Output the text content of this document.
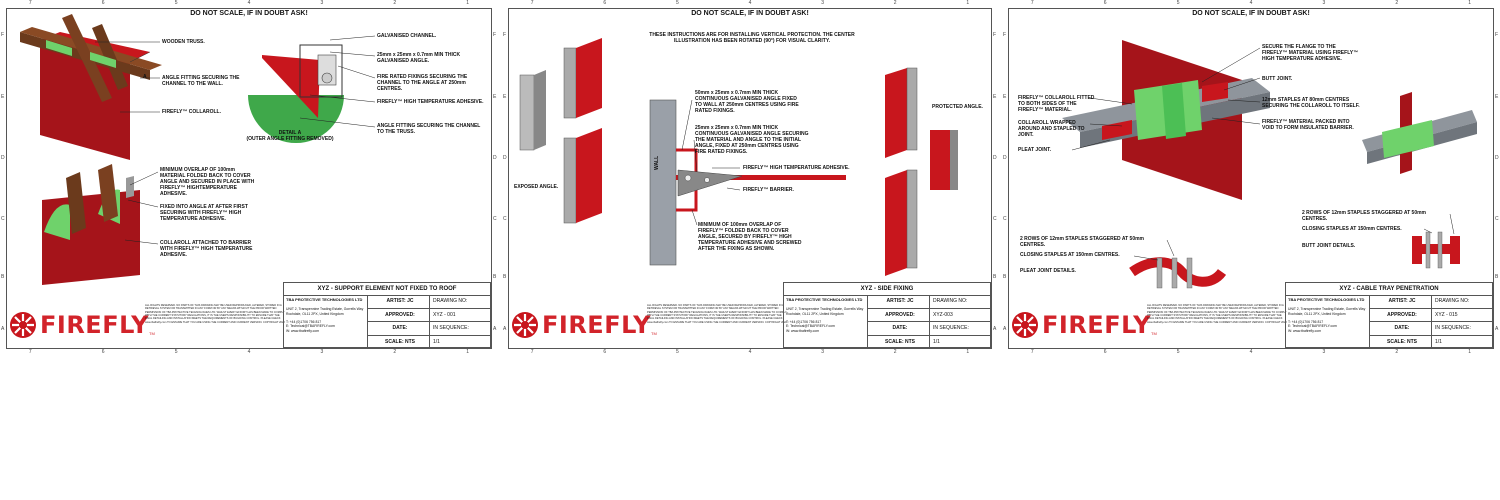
7	6	5	4	3	2	1
7	6	5	4	3	2	1
F
E
D
C
B
A
F
E
D
C
B
A
DO NOT SCALE, IF IN DOUBT ASK!
WOODEN TRUSS.
ANGLE FITTING SECURING THE CHANNEL TO THE WALL.
FIREFLY™ COLLAROLL.
A
GALVANISED CHANNEL.
25mm x 25mm x 0.7mm MIN THICK GALVANISED ANGLE.
FIRE RATED FIXINGS SECURING THE CHANNEL TO THE ANGLE AT 250mm CENTRES.
FIREFLY™ HIGH TEMPERATURE ADHESIVE.
ANGLE FITTING SECURING THE CHANNEL TO THE TRUSS.
DETAIL A
(OUTER ANGLE FITTING REMOVED)
MINIMUM OVERLAP OF 100mm MATERIAL FOLDED BACK TO COVER ANGLE AND SECURED IN PLACE WITH FIREFLY™ HIGHTEMPERATURE ADHESIVE.
FIXED INTO ANGLE AT AFTER FIRST SECURING WITH FIREFLY™ HIGH TEMPERATURE ADHESIVE.
COLLAROLL ATTACHED TO BARRIER WITH FIREFLY™ HIGH TEMPERATURE ADHESIVE.
FIREFLY TM
ALL RIGHTS RESERVED. NO PARTS OF THIS DRAWING MAY BE USED REPRODUCED, ALTERED, STORED IN A RETRIEVAL SYSTEM OR TRANSMITTED IN ANY FORM OR BY ANY MEANS WITHOUT THE PRIOR WRITTEN PERMISSION OF TBA PROTECTIVE TECHNOLOGIES LTD. WHILST EVERY EFFORT HAS BEEN MADE TO COMPLY WITH THE CURRENT STATUTORY REGULATIONS, IT IS THE USER'S RESPONSIBILITY TO ENSURE THAT THE FINAL DETAILING AND INSTALLATION MEETS THE REQUIREMENTS OF BUILDING CONTROL. PLEASE CHECK www.tbafirefly.com TO ENSURE THAT YOU ARE USING THE CURRENT AND CURRENT VERSION. COPYRIGHT 2022
XYZ - SUPPORT ELEMENT NOT FIXED TO ROOF
TBA PROTECTIVE TECHNOLOGIES LTD
UNIT 2, Transpennine Trading Estate, Gorrells Way Rochdale, OL11 2PX, United Kingdom
T: +44 (0)1706 756 817
E: Technical@TBAFIREFLY.com
W: www.tbafirefly.com
ARTIST: JC	DRAWING NO:
APPROVED:	XYZ - 001
DATE:	IN SEQUENCE:
SCALE: NTS	1/1
7	6	5	4	3	2	1
7	6	5	4	3	2	1
F
E
D
C
B
A
F
E
D
C
B
A
DO NOT SCALE, IF IN DOUBT ASK!
THESE INSTRUCTIONS ARE FOR INSTALLING VERTICAL PROTECTION. THE CENTER ILLUSTRATION HAS BEEN ROTATED (90°) FOR VISUAL CLARITY.
50mm x 25mm x 0.7mm MIN THICK CONTINUOUS GALVANISED ANGLE FIXED TO WALL AT 250mm CENTRES USING FIRE RATED FIXINGS.
25mm x 25mm x 0.7mm MIN THICK CONTINUOUS GALVANISED ANGLE SECURING THE MATERIAL AND ANGLE TO THE INITIAL ANGLE, FIXED AT 250mm CENTRES USING FIRE RATED FIXINGS.
FIREFLY™ HIGH TEMPERATURE ADHESIVE.
FIREFLY™ BARRIER.
MINIMUM OF 100mm OVERLAP OF FIREFLY™ FOLDED BACK TO COVER ANGLE, SECURED BY FIREFLY™ HIGH TEMPERATURE ADHESIVE AND SCREWED AFTER THE FIXING AS SHOWN.
WALL
EXPOSED ANGLE.
PROTECTED ANGLE.
FIREFLY TM
ALL RIGHTS RESERVED. NO PARTS OF THIS DRAWING MAY BE USED REPRODUCED, ALTERED, STORED IN A RETRIEVAL SYSTEM OR TRANSMITTED IN ANY FORM OR BY ANY MEANS WITHOUT THE PRIOR WRITTEN PERMISSION OF TBA PROTECTIVE TECHNOLOGIES LTD. WHILST EVERY EFFORT HAS BEEN MADE TO COMPLY WITH THE CURRENT STATUTORY REGULATIONS, IT IS THE USER'S RESPONSIBILITY TO ENSURE THAT THE FINAL DETAILING AND INSTALLATION MEETS THE REQUIREMENTS OF BUILDING CONTROL. PLEASE CHECK www.tbafirefly.com TO ENSURE THAT YOU ARE USING THE CURRENT AND CURRENT VERSION. COPYRIGHT 2022
XYZ - SIDE FIXING
TBA PROTECTIVE TECHNOLOGIES LTD
UNIT 2, Transpennine Trading Estate, Gorrells Way Rochdale, OL11 2PX, United Kingdom
T: +44 (0)1706 756 817
E: Technical@TBAFIREFLY.com
W: www.tbafirefly.com
ARTIST: JC	DRAWING NO:
APPROVED:	XYZ-003
DATE:	IN SEQUENCE:
SCALE: NTS	1/1
7	6	5	4	3	2	1
7	6	5	4	3	2	1
F
E
D
C
B
A
F
E
D
C
B
A
DO NOT SCALE, IF IN DOUBT ASK!
SECURE THE FLANGE TO THE FIREFLY™ MATERIAL USING FIREFLY™ HIGH TEMPERATURE ADHESIVE.
BUTT JOINT.
12mm STAPLES AT 80mm CENTRES SECURING THE COLLAROLL TO ITSELF.
FIREFLY™ MATERIAL PACKED INTO VOID TO FORM INSULATED BARRIER.
FIREFLY™ COLLAROLL FITTED TO BOTH SIDES OF THE FIREFLY™ MATERIAL.
COLLAROLL WRAPPED AROUND AND STAPLED TO JOINT.
PLEAT JOINT.
2 ROWS OF 12mm STAPLES STAGGERED AT 50mm CENTRES.
CLOSING STAPLES AT 150mm CENTRES.
PLEAT JOINT DETAILS.
2 ROWS OF 12mm STAPLES STAGGERED AT 50mm CENTRES.
CLOSING STAPLES AT 150mm CENTRES.
BUTT JOINT DETAILS.
FIREFLY TM
ALL RIGHTS RESERVED. NO PARTS OF THIS DRAWING MAY BE USED REPRODUCED, ALTERED, STORED IN A RETRIEVAL SYSTEM OR TRANSMITTED IN ANY FORM OR BY ANY MEANS WITHOUT THE PRIOR WRITTEN PERMISSION OF TBA PROTECTIVE TECHNOLOGIES LTD. WHILST EVERY EFFORT HAS BEEN MADE TO COMPLY WITH THE CURRENT STATUTORY REGULATIONS, IT IS THE USER'S RESPONSIBILITY TO ENSURE THAT THE FINAL DETAILING AND INSTALLATION MEETS THE REQUIREMENTS OF BUILDING CONTROL. PLEASE CHECK www.tbafirefly.com TO ENSURE THAT YOU ARE USING THE CURRENT AND CURRENT VERSION. COPYRIGHT 2022
XYZ - CABLE TRAY PENETRATION
TBA PROTECTIVE TECHNOLOGIES LTD
UNIT 2, Transpennine Trading Estate, Gorrells Way Rochdale, OL11 2PX, United Kingdom
T: +44 (0)1706 756 817
E: Technical@TBAFIREFLY.com
W: www.tbafirefly.com
ARTIST: JC	DRAWING NO:
APPROVED:	XYZ - 015
DATE:	IN SEQUENCE:
SCALE: NTS	1/1
